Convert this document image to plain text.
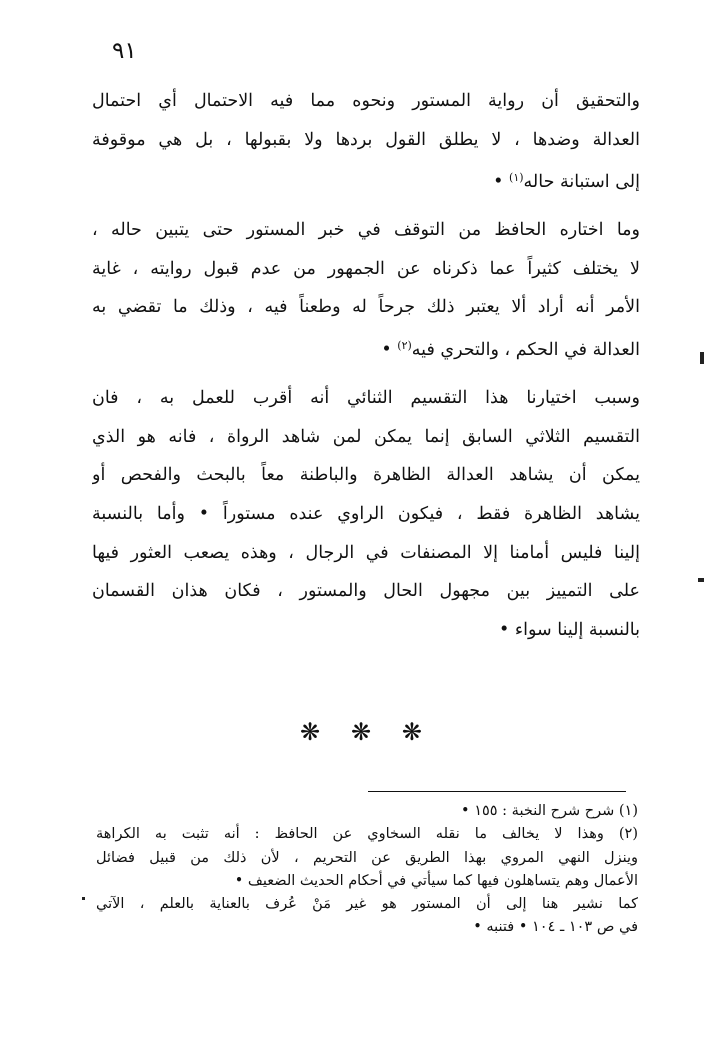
٩١
والتحقيق أن رواية المستور ونحوه مما فيه الاحتمال أي احتمال
العدالة وضدها ، لا يطلق القول بردها ولا بقبولها ، بل هي موقوفة
إلى استبانة حاله$^{(١)}$ •
وما اختاره الحافظ من التوقف في خبر المستور حتى يتبين حاله ،
لا يختلف كثيراً عما ذكرناه عن الجمهور من عدم قبول روايته ، غاية
الأمر أنه أراد ألا يعتبر ذلك جرحاً له وطعناً فيه ، وذلك ما تقضي به
العدالة في الحكم ، والتحري فيه$^{(٢)}$ •
وسبب اختيارنا هذا التقسيم الثنائي أنه أقرب للعمل به ، فان
التقسيم الثلاثي السابق إنما يمكن لمن شاهد الرواة ، فانه هو الذي
يمكن أن يشاهد العدالة الظاهرة والباطنة معاً بالبحث والفحص أو
يشاهد الظاهرة فقط ، فيكون الراوي عنده مستوراً • وأما بالنسبة
إلينا فليس أمامنا إلا المصنفات في الرجال ، وهذه يصعب العثور فيها
على التمييز بين مجهول الحال والمستور ، فكان هذان القسمان
بالنسبة إلينا سواء •
❋ ❋ ❋
(١) شرح شرح النخبة : ١٥٥ •
(٢) وهذا لا يخالف ما نقله السخاوي عن الحافظ : أنه تثبت به الكراهة
وينزل النهي المروي بهذا الطريق عن التحريم ، لأن ذلك من قبيل فضائل
الأعمال وهم يتساهلون فيها كما سيأتي في أحكام الحديث الضعيف •
كما نشير هنا إلى أن المستور هو غير مَنْ عُرف بالعناية بالعلم ، الآتي
في ص ١٠٣ ـ ١٠٤ • فتنبه •
